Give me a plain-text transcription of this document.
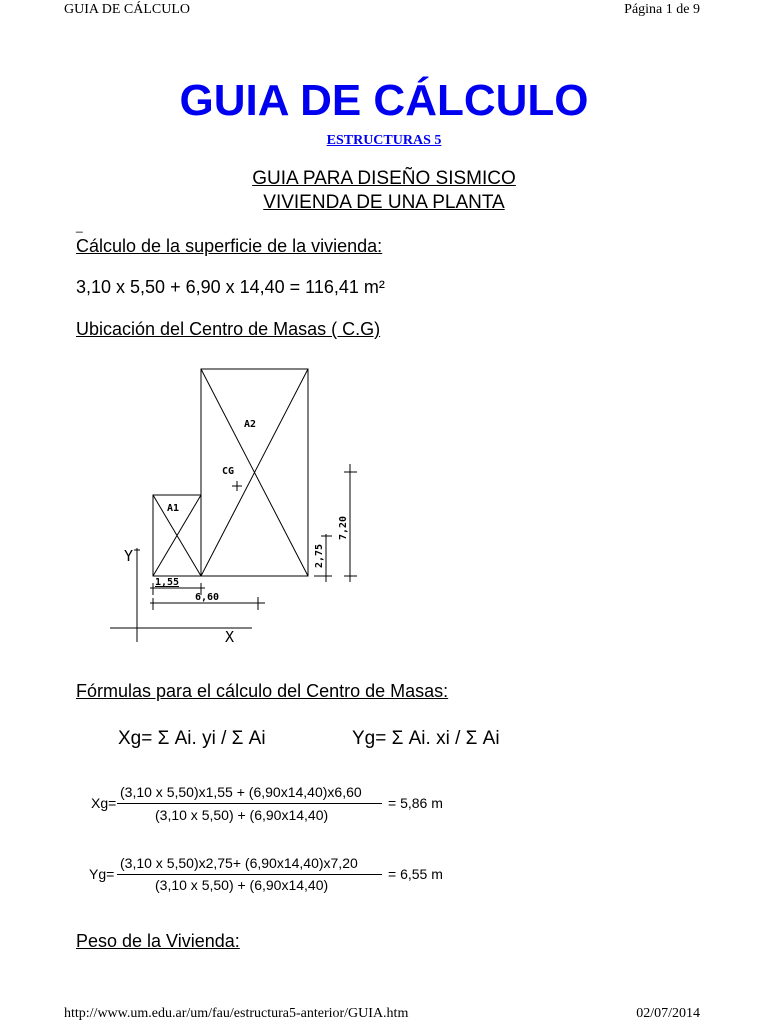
GUIA DE CÁLCULO	Página 1 de 9
GUIA DE CÁLCULO
ESTRUCTURAS 5
GUIA PARA DISEÑO SISMICO
VIVIENDA DE UNA PLANTA
_
Cálculo de la superficie de la vivienda:
3,10 x 5,50 + 6,90 x 14,40 = 116,41 m²
Ubicación del Centro de Masas ( C.G)
A2
A1
CG
1,55
6,60
2,75
7,20
Y
X
Fórmulas para el cálculo del Centro de Masas:
Xg= Σ Ai. yi / Σ Ai	Yg= Σ Ai. xi / Σ Ai
Xg=
(3,10 x 5,50)x1,55 + (6,90x14,40)x6,60
(3,10 x 5,50) + (6,90x14,40)
= 5,86 m
Yg=
(3,10 x 5,50)x2,75+ (6,90x14,40)x7,20
(3,10 x 5,50) + (6,90x14,40)
= 6,55 m
Peso de la Vivienda:
http://www.um.edu.ar/um/fau/estructura5-anterior/GUIA.htm	02/07/2014
